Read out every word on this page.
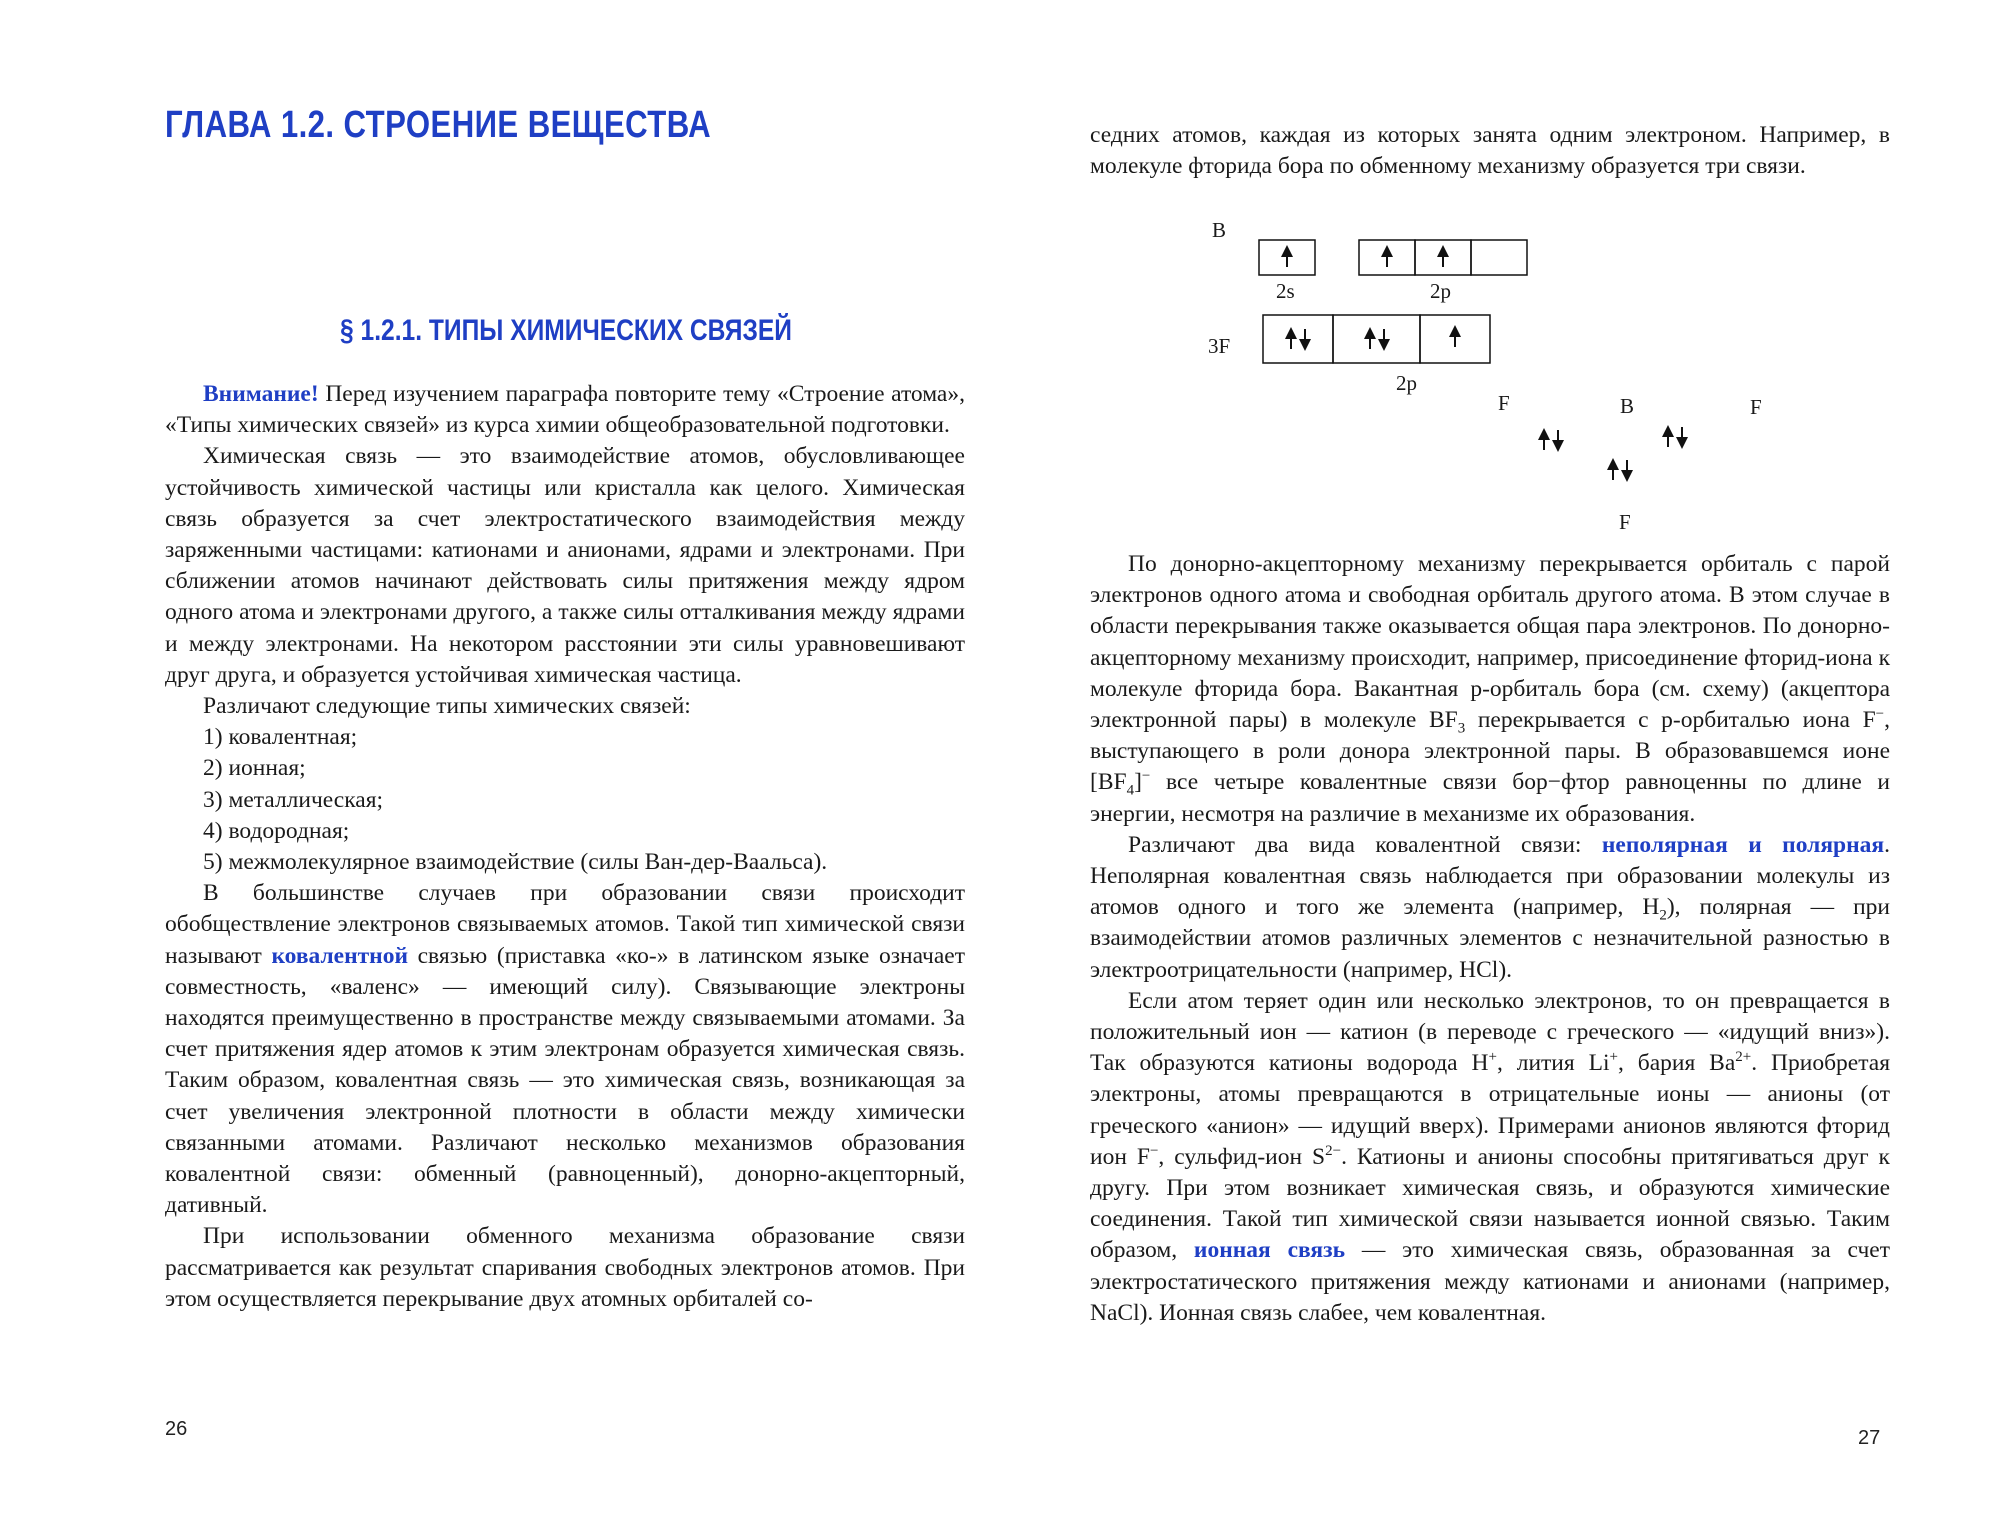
ГЛАВА 1.2. СТРОЕНИЕ ВЕЩЕСТВА
§ 1.2.1. ТИПЫ ХИМИЧЕСКИХ СВЯЗЕЙ

Внимание! Перед изучением параграфа повторите тему «Строение атома», «Типы химических связей» из курса химии общеобразовательной подготовки.

Химическая связь — это взаимодействие атомов, обусловливающее устойчивость химической частицы или кристалла как целого. Химическая связь образуется за счет электростатического взаимодействия между заряженными частицами: катионами и анионами, ядрами и электронами. При сближении атомов начинают действовать силы притяжения между ядром одного атома и электронами другого, а также силы отталкивания между ядрами и между электронами. На некотором расстоянии эти силы уравновешивают друг друга, и образуется устойчивая химическая частица.

Различают следующие типы химических связей:

1) ковалентная;

2) ионная;

3) металлическая;

4) водородная;

5) межмолекулярное взаимодействие (силы Ван-дер-Ваальса).

В большинстве случаев при образовании связи происходит обобществление электронов связываемых атомов. Такой тип химической связи называют ковалентной связью (приставка «ко-» в латинском языке означает совместность, «валенс» — имеющий силу). Связывающие электроны находятся преимущественно в пространстве между связываемыми атомами. За счет притяжения ядер атомов к этим электронам образуется химическая связь. Таким образом, ковалентная связь — это химическая связь, возникающая за счет увеличения электронной плотности в области между химически связанными атомами. Различают несколько механизмов образования ковалентной связи: обменный (равноценный), донорно-акцепторный, дативный.

При использовании обменного механизма образование связи рассматривается как результат спаривания свободных электронов атомов. При этом осуществляется перекрывание двух атомных орбиталей со-

26
седних атомов, каждая из которых занята одним электроном. Например, в молекуле фторида бора по обменному механизму образуется три связи.
B
2s	2p
3F
2p
F	B	F
F

По донорно-акцепторному механизму перекрывается орбиталь с парой электронов одного атома и свободная орбиталь другого атома. В этом случае в области перекрывания также оказывается общая пара электронов. По донорно-акцепторному механизму происходит, например, присоединение фторид-иона к молекуле фторида бора. Вакантная р-орбиталь бора (см. схему) (акцептора электронной пары) в молекуле $BF_3$ перекрывается с р-орбиталью иона F−, выступающего в роли донора электронной пары. В образовавшемся ионе $[BF_4]^-$ все четыре ковалентные связи бор−фтор равноценны по длине и энергии, несмотря на различие в механизме их образования.

Различают два вида ковалентной связи: неполярная и полярная. Неполярная ковалентная связь наблюдается при образовании молекулы из атомов одного и того же элемента (например, $H_2$), полярная — при взаимодействии атомов различных элементов с незначительной разностью в электроотрицательности (например, HCl).

Если атом теряет один или несколько электронов, то он превращается в положительный ион — катион (в переводе с греческого — «идущий вниз»). Так образуются катионы водорода H+, лития Li+, бария $Ba^{2+}$. Приобретая электроны, атомы превращаются в отрицательные ионы — анионы (от греческого «анион» — идущий вверх). Примерами анионов являются фторид ион F−, сульфид-ион $S^{2-}$. Катионы и анионы способны притягиваться друг к другу. При этом возникает химическая связь, и образуются химические соединения. Такой тип химической связи называется ионной связью. Таким образом, ионная связь — это химическая связь, образованная за счет электростатического притяжения между катионами и анионами (например, NaCl). Ионная связь слабее, чем ковалентная.

27
